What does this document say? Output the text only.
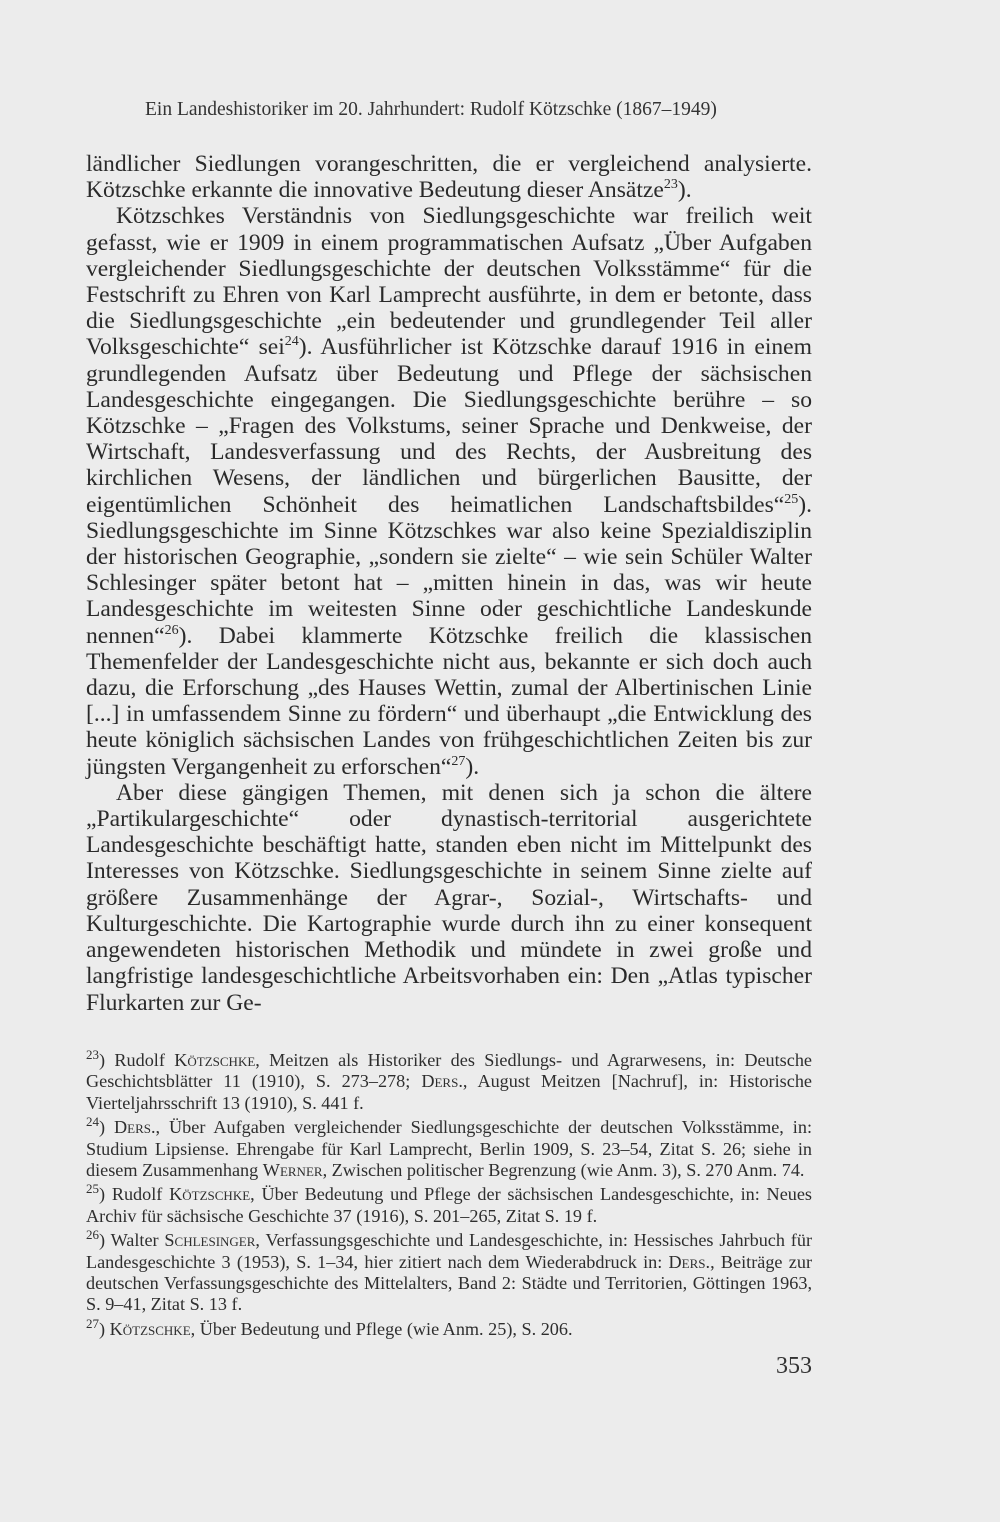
Ein Landeshistoriker im 20. Jahrhundert: Rudolf Kötzschke (1867–1949)

ländlicher Siedlungen vorangeschritten, die er vergleichend analysierte. Kötzschke erkannte die innovative Bedeutung dieser Ansätze$^{23}$).

Kötzschkes Verständnis von Siedlungsgeschichte war freilich weit gefasst, wie er 1909 in einem programmatischen Aufsatz „Über Aufgaben vergleichender Siedlungsgeschichte der deutschen Volksstämme“ für die Festschrift zu Ehren von Karl Lamprecht ausführte, in dem er betonte, dass die Siedlungsgeschichte „ein bedeutender und grundlegender Teil aller Volksgeschichte“ sei$^{24}$). Ausführlicher ist Kötzschke darauf 1916 in einem grundlegenden Aufsatz über Bedeutung und Pflege der sächsischen Landesgeschichte eingegangen. Die Siedlungsgeschichte berühre – so Kötzschke – „Fragen des Volkstums, seiner Sprache und Denkweise, der Wirtschaft, Landesverfassung und des Rechts, der Ausbreitung des kirchlichen Wesens, der ländlichen und bürgerlichen Bausitte, der eigentümlichen Schönheit des heimatlichen Landschaftsbildes“$^{25}$). Siedlungsgeschichte im Sinne Kötzschkes war also keine Spezialdisziplin der historischen Geographie, „sondern sie zielte“ – wie sein Schüler Walter Schlesinger später betont hat – „mitten hinein in das, was wir heute Landesgeschichte im weitesten Sinne oder geschichtliche Landeskunde nennen“$^{26}$). Dabei klammerte Kötzschke freilich die klassischen Themenfelder der Landesgeschichte nicht aus, bekannte er sich doch auch dazu, die Erforschung „des Hauses Wettin, zumal der Albertinischen Linie [...] in umfassendem Sinne zu fördern“ und überhaupt „die Entwicklung des heute königlich sächsischen Landes von frühgeschichtlichen Zeiten bis zur jüngsten Vergangenheit zu erforschen“$^{27}$).

Aber diese gängigen Themen, mit denen sich ja schon die ältere „Partikulargeschichte“ oder dynastisch-territorial ausgerichtete Landesgeschichte beschäftigt hatte, standen eben nicht im Mittelpunkt des Interesses von Kötzschke. Siedlungsgeschichte in seinem Sinne zielte auf größere Zusammenhänge der Agrar-, Sozial-, Wirtschafts- und Kulturgeschichte. Die Kartographie wurde durch ihn zu einer konsequent angewendeten historischen Methodik und mündete in zwei große und langfristige landesgeschichtliche Arbeitsvorhaben ein: Den „Atlas typischer Flurkarten zur Ge-

$^{23}$) Rudolf Kötzschke, Meitzen als Historiker des Siedlungs- und Agrarwesens, in: Deutsche Geschichtsblätter 11 (1910), S. 273–278; Ders., August Meitzen [Nachruf], in: Historische Vierteljahrsschrift 13 (1910), S. 441 f.

$^{24}$) Ders., Über Aufgaben vergleichender Siedlungsgeschichte der deutschen Volksstämme, in: Studium Lipsiense. Ehrengabe für Karl Lamprecht, Berlin 1909, S. 23–54, Zitat S. 26; siehe in diesem Zusammenhang Werner, Zwischen politischer Begrenzung (wie Anm. 3), S. 270 Anm. 74.

$^{25}$) Rudolf Kötzschke, Über Bedeutung und Pflege der sächsischen Landesgeschichte, in: Neues Archiv für sächsische Geschichte 37 (1916), S. 201–265, Zitat S. 19 f.

$^{26}$) Walter Schlesinger, Verfassungsgeschichte und Landesgeschichte, in: Hessisches Jahrbuch für Landesgeschichte 3 (1953), S. 1–34, hier zitiert nach dem Wiederabdruck in: Ders., Beiträge zur deutschen Verfassungsgeschichte des Mittelalters, Band 2: Städte und Territorien, Göttingen 1963, S. 9–41, Zitat S. 13 f.

$^{27}$) Kötzschke, Über Bedeutung und Pflege (wie Anm. 25), S. 206.

353
